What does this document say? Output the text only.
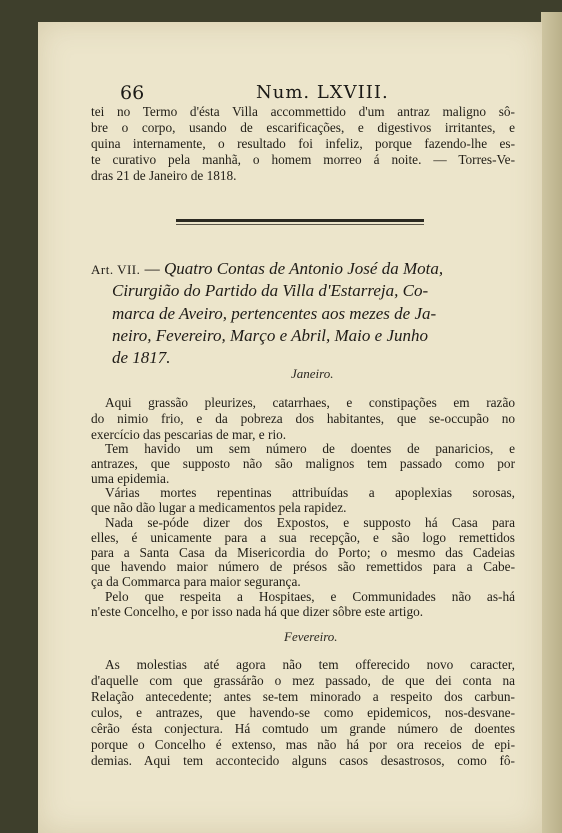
66	Num. LXVIII.
tei no Termo d'ésta Villa accommettido d'um antraz maligno sô-
bre o corpo, usando de escarificações, e digestivos irritantes, e
quina internamente, o resultado foi infeliz, porque fazendo-lhe es-
te curativo pela manhã, o homem morreo á noite. — Torres-Ve-
dras 21 de Janeiro de 1818.
Art. VII. — Quatro Contas de Antonio José da Mota,
Cirurgião do Partido da Villa d'Estarreja, Co-
marca de Aveiro, pertencentes aos mezes de Ja-
neiro, Fevereiro, Março e Abril, Maio e Junho
de 1817.
Janeiro.
Aqui grassão pleurizes, catarrhaes, e constipações em razão
do nimio frio, e da pobreza dos habitantes, que se-occupão no
exercício das pescarias de mar, e rio.
Tem havido um sem número de doentes de panaricios, e
antrazes, que supposto não são malignos tem passado como por
uma epidemia.
Várias mortes repentinas attribuídas a apoplexias sorosas,
que não dão lugar a medicamentos pela rapidez.
Nada se-póde dizer dos Expostos, e supposto há Casa para
elles, é unicamente para a sua recepção, e são logo remettidos
para a Santa Casa da Misericordia do Porto; o mesmo das Cadeias
que havendo maior número de présos são remettidos para a Cabe-
ça da Commarca para maior segurança.
Pelo que respeita a Hospitaes, e Communidades não as-há
n'este Concelho, e por isso nada há que dizer sôbre este artigo.
Fevereiro.
As molestias até agora não tem offerecido novo caracter,
d'aquelle com que grassárão o mez passado, de que dei conta na
Relação antecedente; antes se-tem minorado a respeito dos carbun-
culos, e antrazes, que havendo-se como epidemicos, nos-desvane-
cêrão ésta conjectura. Há comtudo um grande número de doentes
porque o Concelho é extenso, mas não há por ora receios de epi-
demias. Aqui tem accontecido alguns casos desastrosos, como fô-
